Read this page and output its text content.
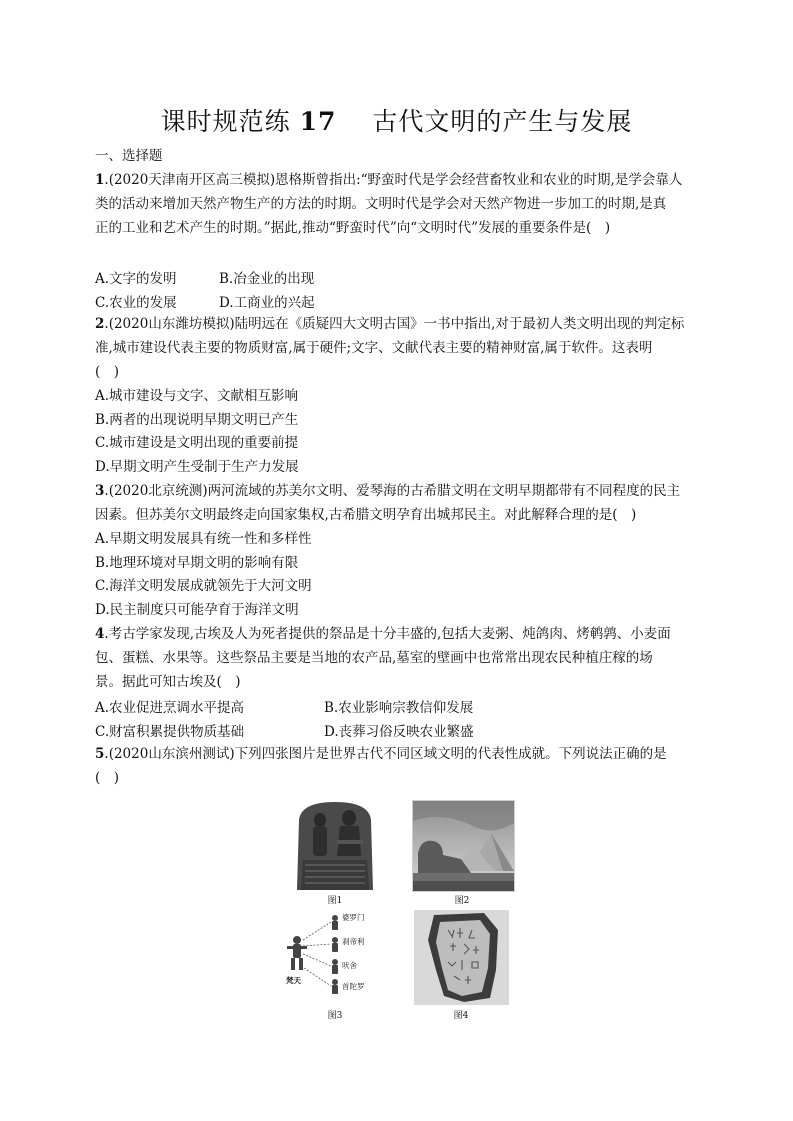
课时规范练 17 古代文明的产生与发展
一、选择题
1.(2020天津南开区高三模拟)恩格斯曾指出:“野蛮时代是学会经营畜牧业和农业的时期,是学会靠人
类的活动来增加天然产物生产的方法的时期。文明时代是学会对天然产物进一步加工的时期,是真
正的工业和艺术产生的时期。”据此,推动“野蛮时代”向“文明时代”发展的重要条件是(　)
A.文字的发明	B.冶金业的出现
C.农业的发展	D.工商业的兴起
2.(2020山东潍坊模拟)陆明远在《质疑四大文明古国》一书中指出,对于最初人类文明出现的判定标
准,城市建设代表主要的物质财富,属于硬件;文字、文献代表主要的精神财富,属于软件。这表明
(　)
A.城市建设与文字、文献相互影响
B.两者的出现说明早期文明已产生
C.城市建设是文明出现的重要前提
D.早期文明产生受制于生产力发展
3.(2020北京统测)两河流域的苏美尔文明、爱琴海的古希腊文明在文明早期都带有不同程度的民主
因素。但苏美尔文明最终走向国家集权,古希腊文明孕育出城邦民主。对此解释合理的是(　)
A.早期文明发展具有统一性和多样性
B.地理环境对早期文明的影响有限
C.海洋文明发展成就领先于大河文明
D.民主制度只可能孕育于海洋文明
4.考古学家发现,古埃及人为死者提供的祭品是十分丰盛的,包括大麦粥、炖鸽肉、烤鹌鹑、小麦面
包、蛋糕、水果等。这些祭品主要是当地的农产品,墓室的壁画中也常常出现农民种植庄稼的场
景。据此可知古埃及(　)
A.农业促进烹调水平提高	B.农业影响宗教信仰发展
C.财富积累提供物质基础	D.丧葬习俗反映农业繁盛
5.(2020山东滨州测试)下列四张图片是世界古代不同区域文明的代表性成就。下列说法正确的是
(　)
图1	图2
婆罗门
刹帝利
吠舍
首陀罗
梵天
图3	图4
